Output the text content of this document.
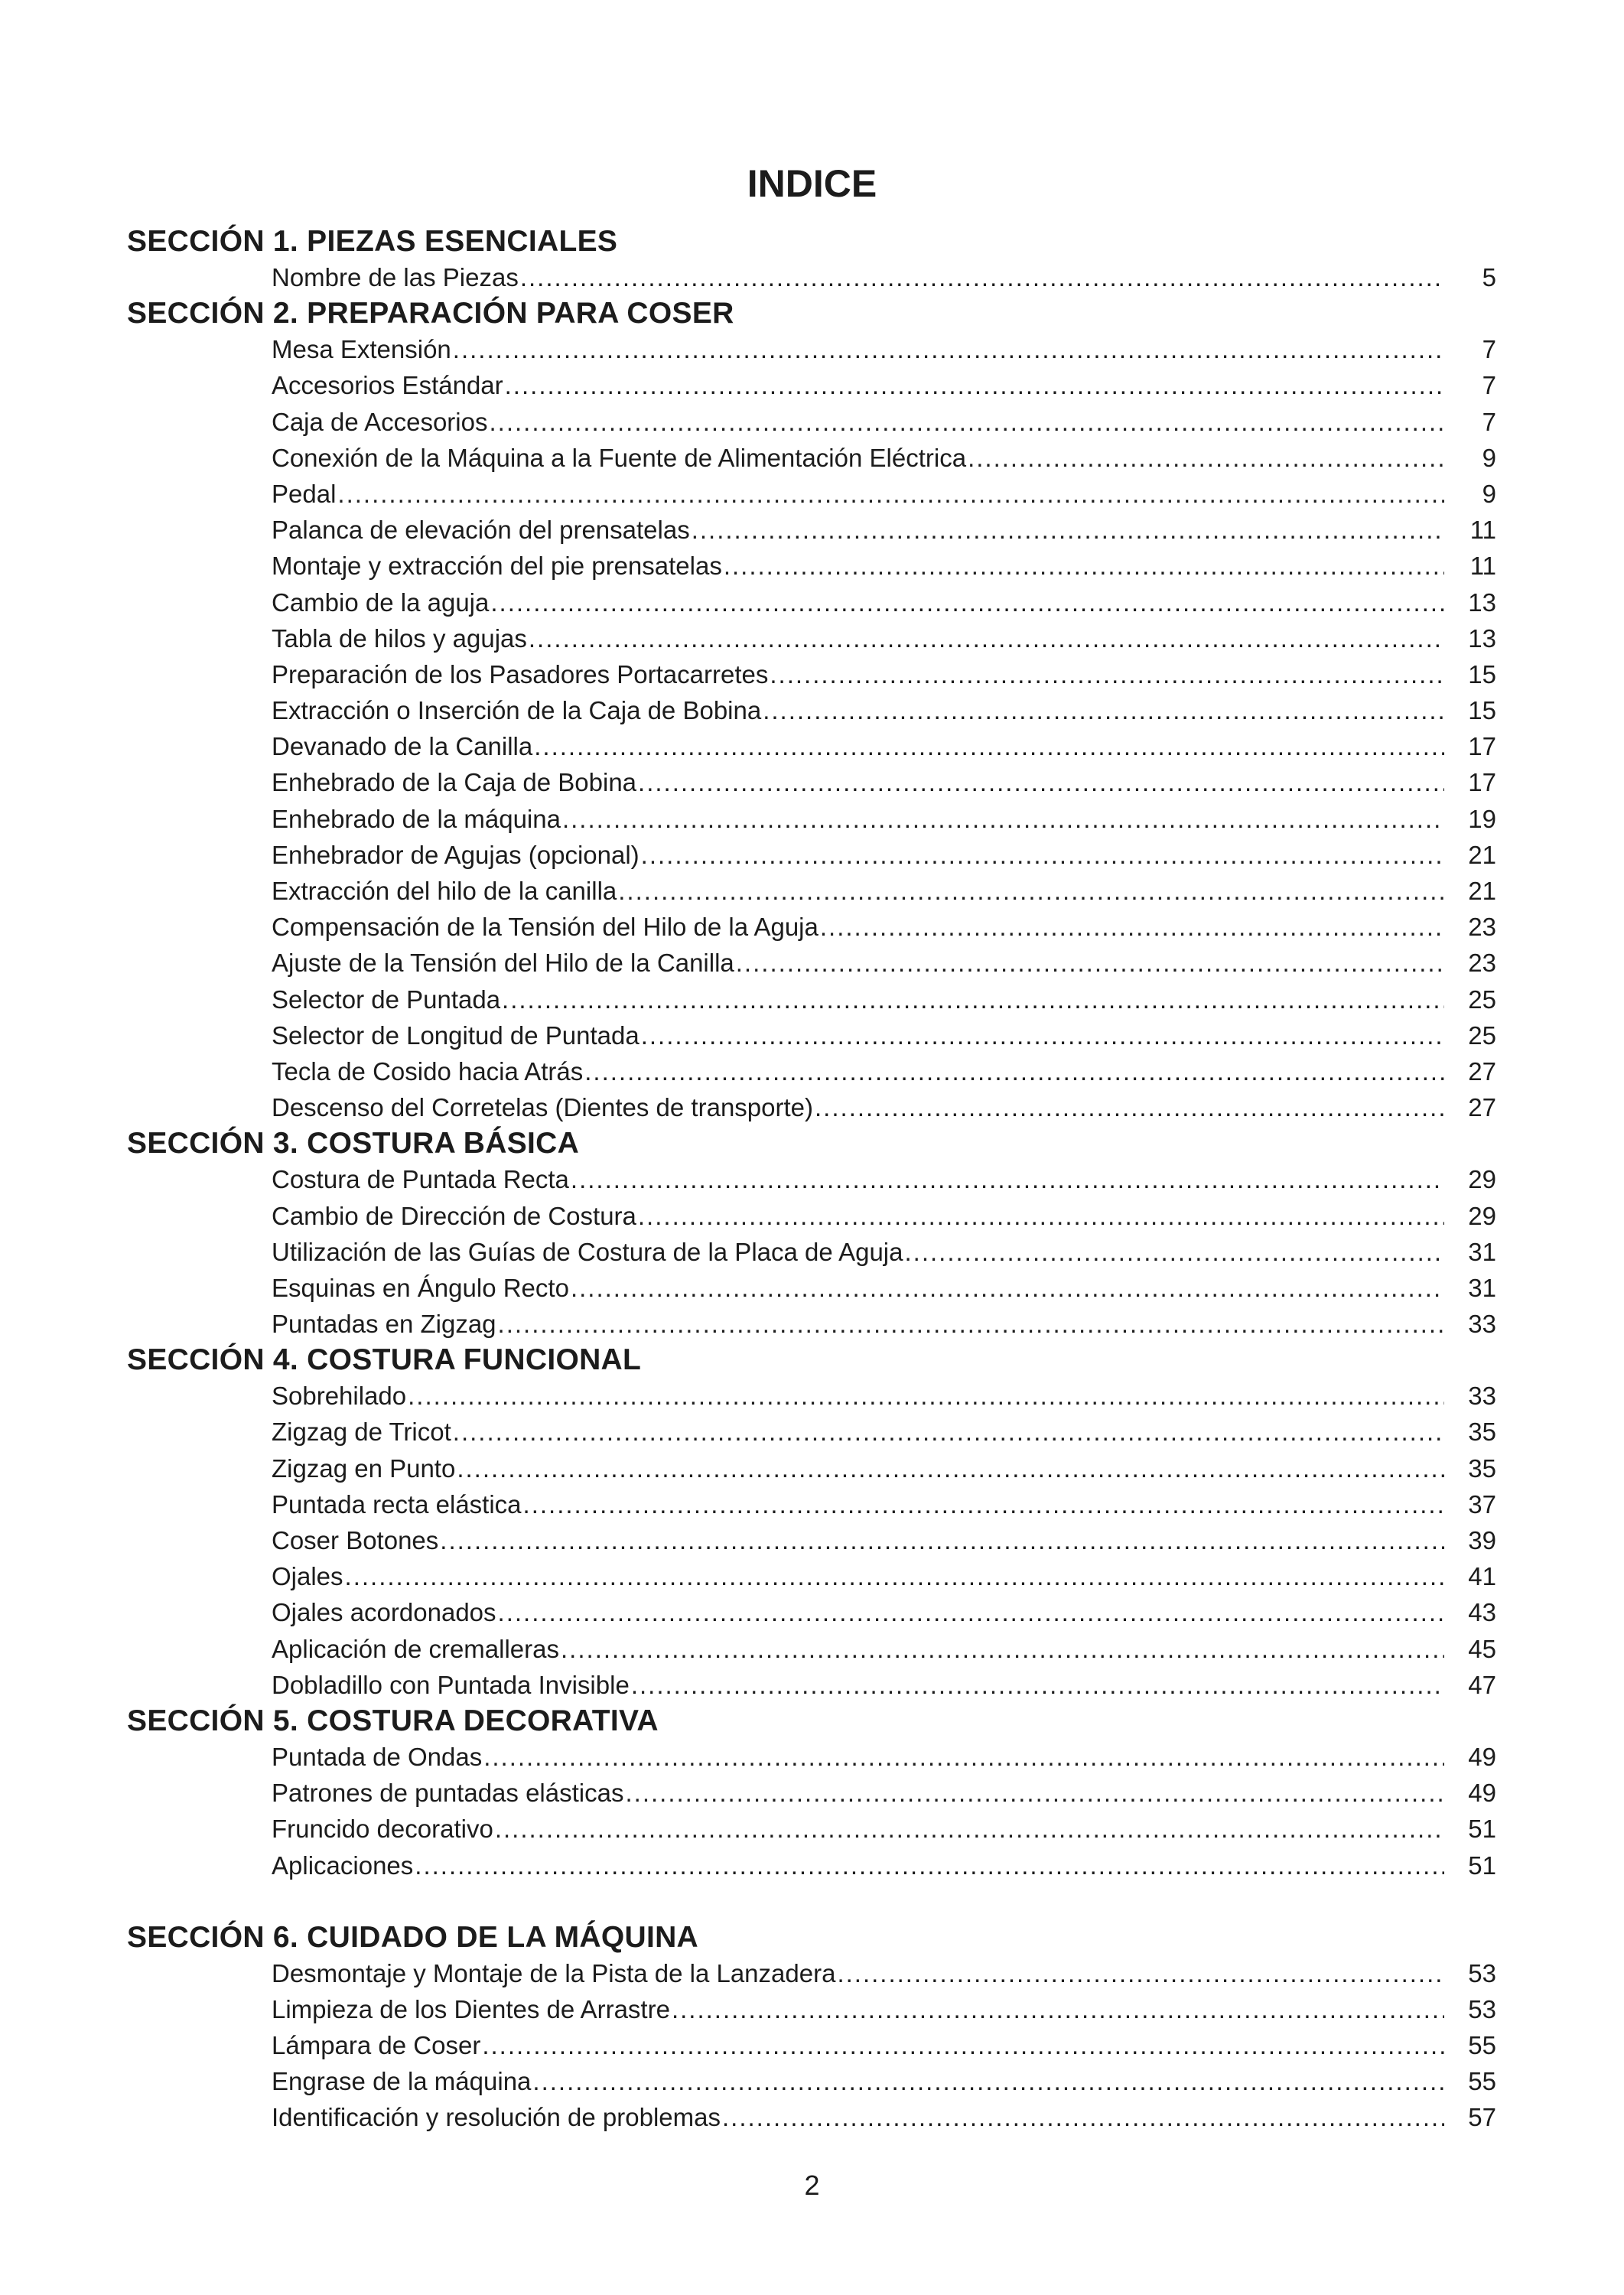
INDICE
SECCIÓN 1. PIEZAS ESENCIALES
Nombre de las Piezas .....	5
SECCIÓN 2. PREPARACIÓN PARA COSER
Mesa Extensión .....	7
Accesorios Estándar .....	7
Caja de Accesorios .....	7
Conexión de la Máquina a la Fuente de Alimentación Eléctrica .....	9
Pedal .....	9
Palanca de elevación del prensatelas .....	11
Montaje y extracción del pie prensatelas .....	11
Cambio de la aguja .....	13
Tabla de hilos y agujas .....	13
Preparación de los Pasadores Portacarretes .....	15
Extracción o Inserción de la Caja de Bobina .....	15
Devanado de la Canilla .....	17
Enhebrado de la Caja de Bobina .....	17
Enhebrado de la máquina .....	19
Enhebrador de Agujas (opcional) .....	21
Extracción del hilo de la canilla .....	21
Compensación de la Tensión del Hilo de la Aguja .....	23
Ajuste de la Tensión del Hilo de la Canilla .....	23
Selector de Puntada .....	25
Selector de Longitud de Puntada .....	25
Tecla de Cosido hacia Atrás .....	27
Descenso del Corretelas (Dientes de transporte) .....	27
SECCIÓN 3. COSTURA BÁSICA
Costura de Puntada Recta .....	29
Cambio de Dirección de Costura .....	29
Utilización de las Guías de Costura de la Placa de Aguja .....	31
Esquinas en Ángulo Recto .....	31
Puntadas en Zigzag .....	33
SECCIÓN 4. COSTURA FUNCIONAL
Sobrehilado .....	33
Zigzag de Tricot .....	35
Zigzag en Punto .....	35
Puntada recta elástica .....	37
Coser Botones .....	39
Ojales .....	41
Ojales acordonados .....	43
Aplicación de cremalleras .....	45
Dobladillo con Puntada Invisible .....	47
SECCIÓN 5. COSTURA DECORATIVA
Puntada de Ondas .....	49
Patrones de puntadas elásticas .....	49
Fruncido decorativo .....	51
Aplicaciones .....	51
SECCIÓN 6. CUIDADO DE LA MÁQUINA
Desmontaje y Montaje de la Pista de la Lanzadera .....	53
Limpieza de los Dientes de Arrastre .....	53
Lámpara de Coser .....	55
Engrase de la máquina .....	55
Identificación y resolución de problemas .....	57
2
